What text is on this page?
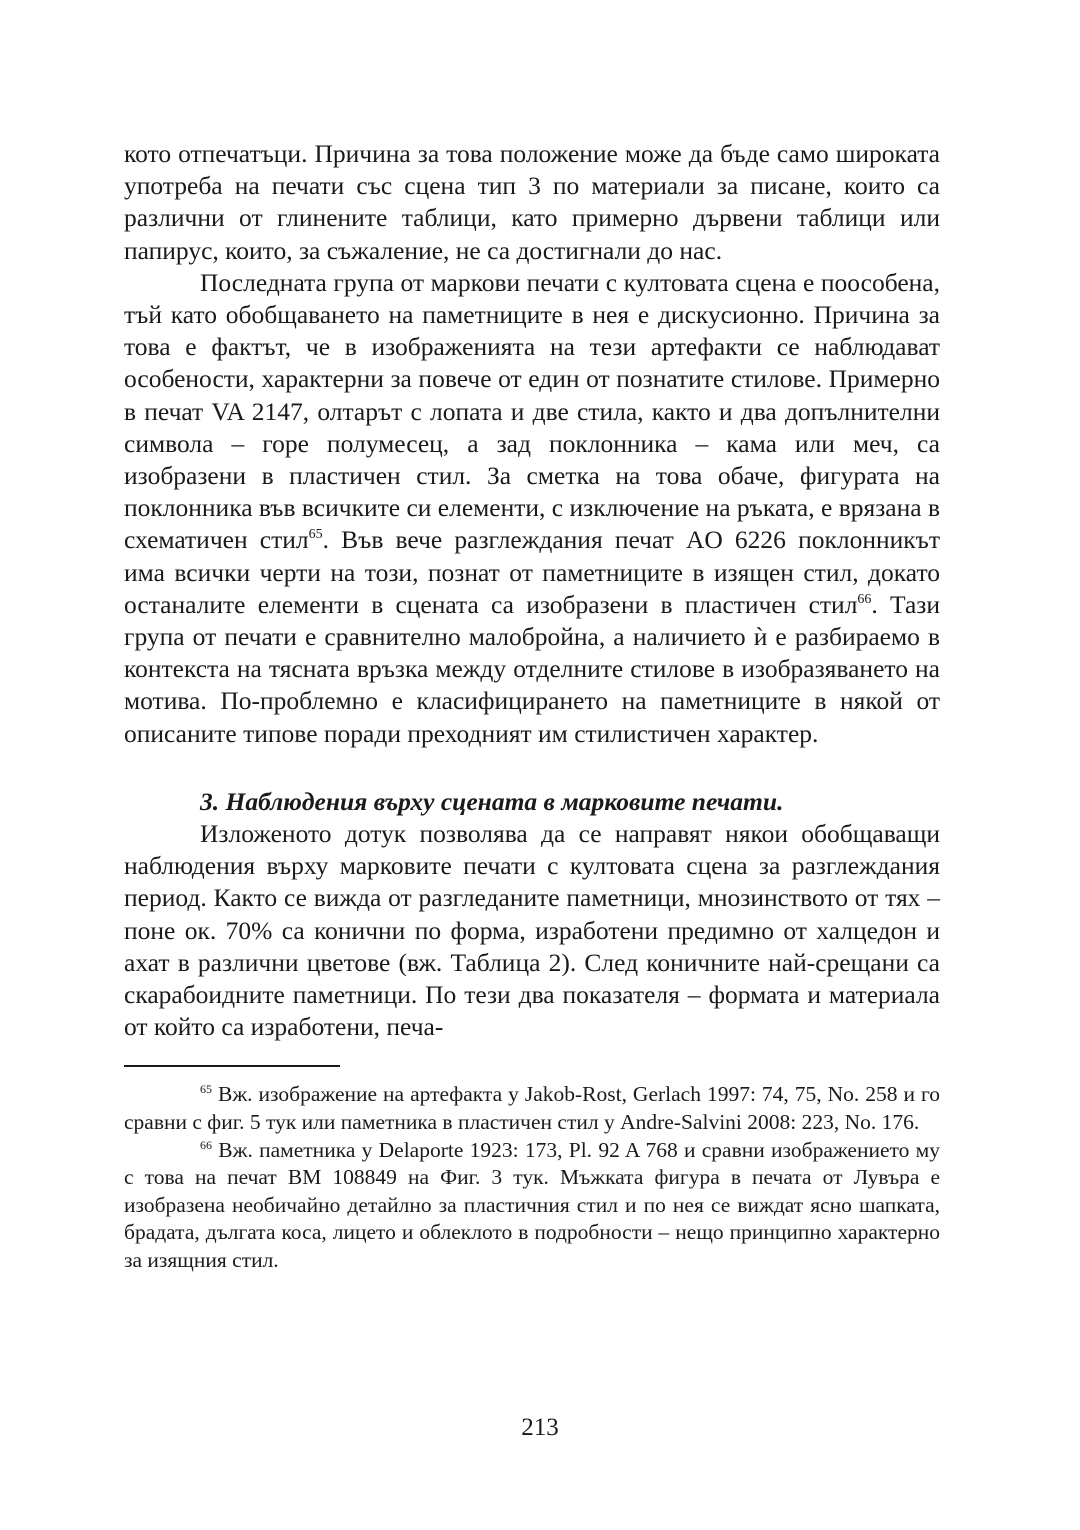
кото отпечатъци. Причина за това положение може да бъде само широката употреба на печати със сцена тип 3 по материали за писане, които са различни от глинените таблици, като примерно дървени таблици или папирус, които, за съжаление, не са достигнали до нас.

Последната група от маркови печати с култовата сцена е поособена, тъй като обобщаването на паметниците в нея е дискусионно. Причина за това е фактът, че в изображенията на тези артефакти се наблюдават особености, характерни за повече от един от познатите стилове. Примерно в печат VA 2147, олтарът с лопата и две стила, както и два допълнителни символа – горе полумесец, а зад поклонника – кама или меч, са изобразени в пластичен стил. За сметка на това обаче, фигурата на поклонника във всичките си елементи, с изключение на ръката, е врязана в схематичен стил$^{65}$. Във вече разглеждания печат AO 6226 поклонникът има всички черти на този, познат от паметниците в изящен стил, докато останалите елементи в сцената са изобразени в пластичен стил$^{66}$. Тази група от печати е сравнително малобройна, а наличието ѝ е разбираемо в контекста на тясната връзка между отделните стилове в изобразяването на мотива. По-проблемно е класифицирането на паметниците в някой от описаните типове поради преходният им стилистичен характер.

3. Наблюдения върху сцената в марковите печати.

Изложеното дотук позволява да се направят някои обобщаващи наблюдения върху марковите печати с култовата сцена за разглеждания период. Както се вижда от разгледаните паметници, мнозинството от тях – поне ок. 70% са конични по форма, изработени предимно от халцедон и ахат в различни цветове (вж. Таблица 2). След коничните най-срещани са скарабоидните паметници. По тези два показателя – формата и материала от който са изработени, печа-

$^{65}$ Вж. изображение на артефакта у Jakob-Rost, Gerlach 1997: 74, 75, No. 258 и го сравни с фиг. 5 тук или паметника в пластичен стил у Andre-Salvini 2008: 223, No. 176.

$^{66}$ Вж. паметника у Delaporte 1923: 173, Pl. 92 A 768 и сравни изображението му с това на печат BM 108849 на Фиг. 3 тук. Мъжката фигура в печата от Лувъра е изобразена необичайно детайлно за пластичния стил и по нея се виждат ясно шапката, брадата, дългата коса, лицето и облеклото в подробности – нещо принципно характерно за изящния стил.

213
